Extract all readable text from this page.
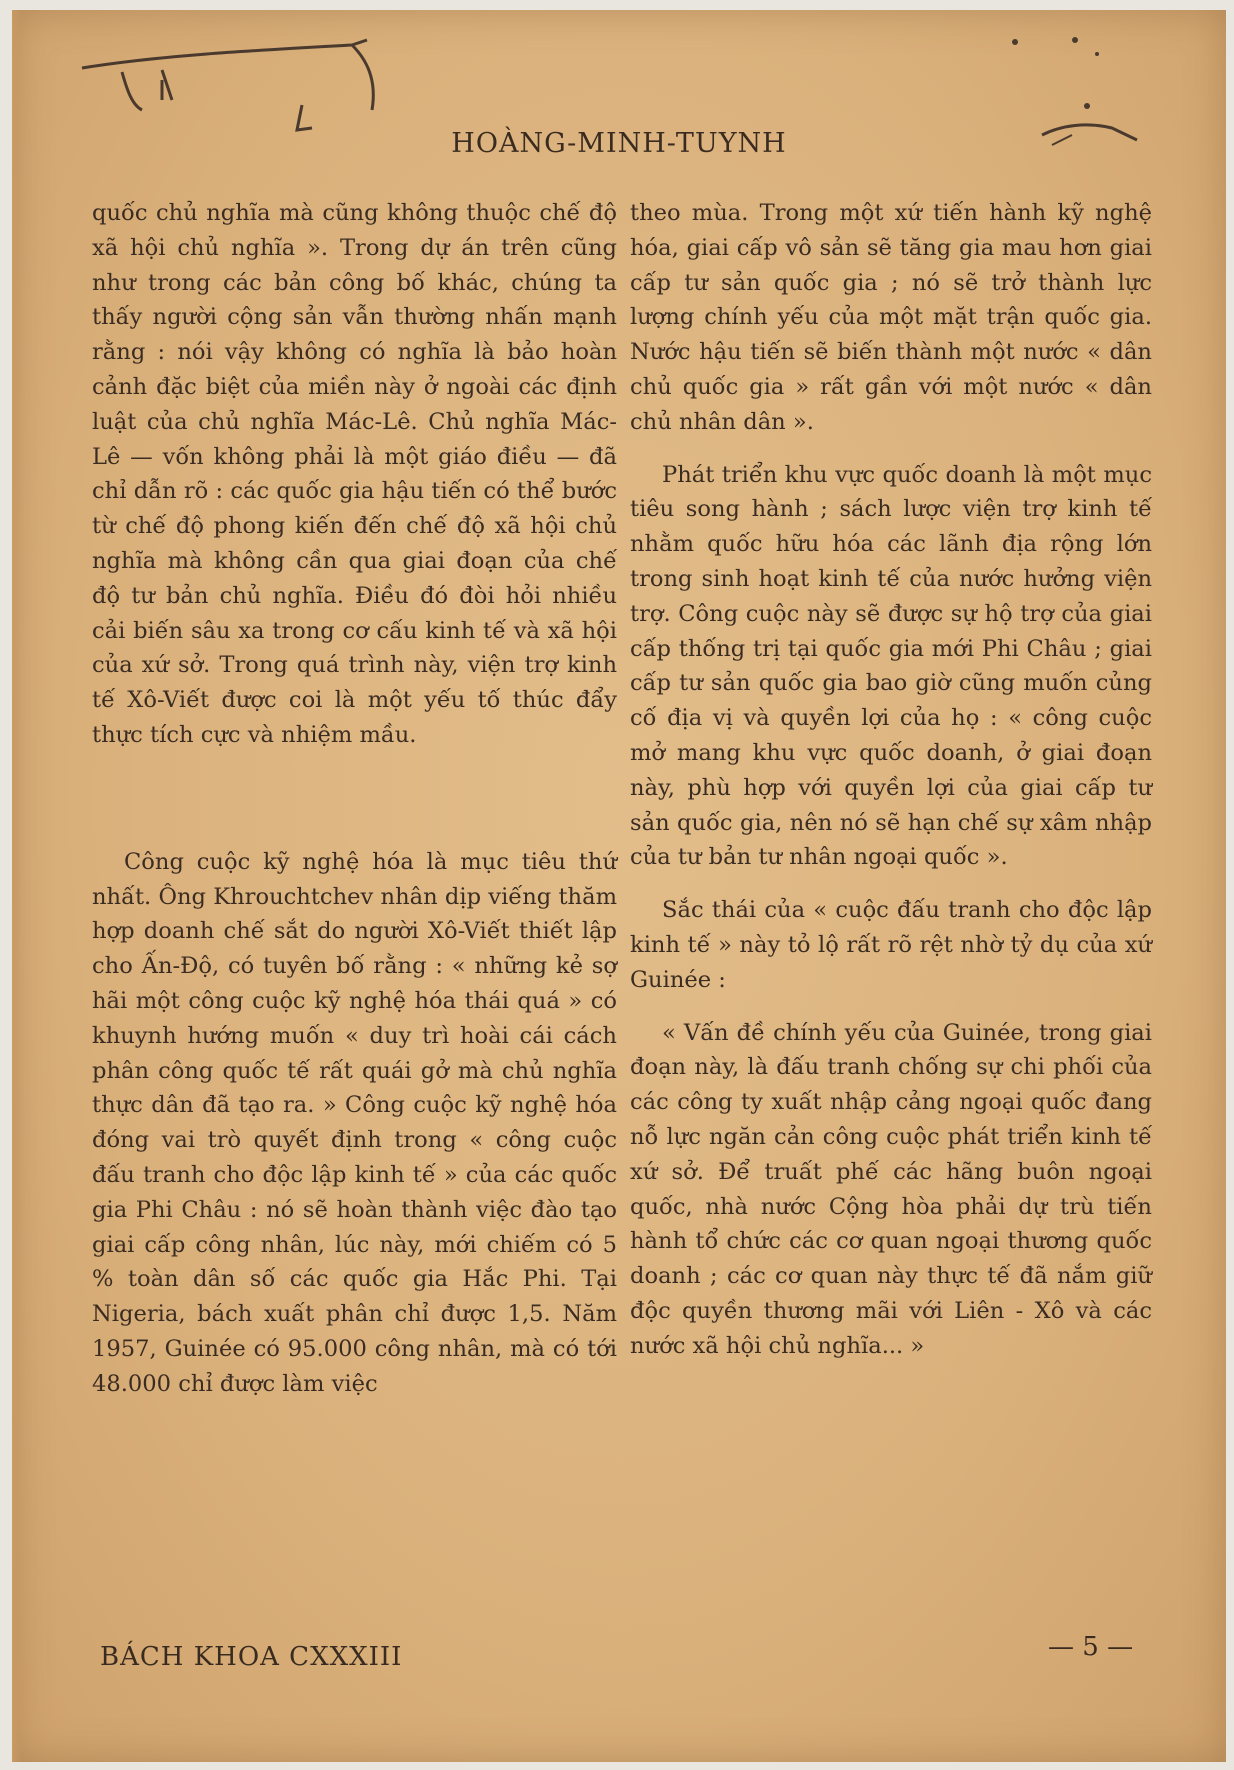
HOÀNG-MINH-TUYNH

quốc chủ nghĩa mà cũng không thuộc chế độ xã hội chủ nghĩa ». Trong dự án trên cũng như trong các bản công bố khác, chúng ta thấy người cộng sản vẫn thường nhấn mạnh rằng : nói vậy không có nghĩa là bảo hoàn cảnh đặc biệt của miền này ở ngoài các định luật của chủ nghĩa Mác-Lê. Chủ nghĩa Mác-Lê — vốn không phải là một giáo điều — đã chỉ dẫn rõ : các quốc gia hậu tiến có thể bước từ chế độ phong kiến đến chế độ xã hội chủ nghĩa mà không cần qua giai đoạn của chế độ tư bản chủ nghĩa. Điều đó đòi hỏi nhiều cải biến sâu xa trong cơ cấu kinh tế và xã hội của xứ sở. Trong quá trình này, viện trợ kinh tế Xô-Viết được coi là một yếu tố thúc đẩy thực tích cực và nhiệm mầu.

Công cuộc kỹ nghệ hóa là mục tiêu thứ nhất. Ông Khrouchtchev nhân dịp viếng thăm hợp doanh chế sắt do người Xô-Viết thiết lập cho Ấn-Độ, có tuyên bố rằng : « những kẻ sợ hãi một công cuộc kỹ nghệ hóa thái quá » có khuynh hướng muốn « duy trì hoài cái cách phân công quốc tế rất quái gở mà chủ nghĩa thực dân đã tạo ra. » Công cuộc kỹ nghệ hóa đóng vai trò quyết định trong « công cuộc đấu tranh cho độc lập kinh tế » của các quốc gia Phi Châu : nó sẽ hoàn thành việc đào tạo giai cấp công nhân, lúc này, mới chiếm có 5 % toàn dân số các quốc gia Hắc Phi. Tại Nigeria, bách xuất phân chỉ được 1,5. Năm 1957, Guinée có 95.000 công nhân, mà có tới 48.000 chỉ được làm việc

theo mùa. Trong một xứ tiến hành kỹ nghệ hóa, giai cấp vô sản sẽ tăng gia mau hơn giai cấp tư sản quốc gia ; nó sẽ trở thành lực lượng chính yếu của một mặt trận quốc gia. Nước hậu tiến sẽ biến thành một nước « dân chủ quốc gia » rất gần với một nước « dân chủ nhân dân ».

Phát triển khu vực quốc doanh là một mục tiêu song hành ; sách lược viện trợ kinh tế nhằm quốc hữu hóa các lãnh địa rộng lớn trong sinh hoạt kinh tế của nước hưởng viện trợ. Công cuộc này sẽ được sự hộ trợ của giai cấp thống trị tại quốc gia mới Phi Châu ; giai cấp tư sản quốc gia bao giờ cũng muốn củng cố địa vị và quyền lợi của họ : « công cuộc mở mang khu vực quốc doanh, ở giai đoạn này, phù hợp với quyền lợi của giai cấp tư sản quốc gia, nên nó sẽ hạn chế sự xâm nhập của tư bản tư nhân ngoại quốc ».

Sắc thái của « cuộc đấu tranh cho độc lập kinh tế » này tỏ lộ rất rõ rệt nhờ tỷ dụ của xứ Guinée :

« Vấn đề chính yếu của Guinée, trong giai đoạn này, là đấu tranh chống sự chi phối của các công ty xuất nhập cảng ngoại quốc đang nỗ lực ngăn cản công cuộc phát triển kinh tế xứ sở. Để truất phế các hãng buôn ngoại quốc, nhà nước Cộng hòa phải dự trù tiến hành tổ chức các cơ quan ngoại thương quốc doanh ; các cơ quan này thực tế đã nắm giữ độc quyền thương mãi với Liên - Xô và các nước xã hội chủ nghĩa... »

BÁCH KHOA CXXXIII	— 5 —
